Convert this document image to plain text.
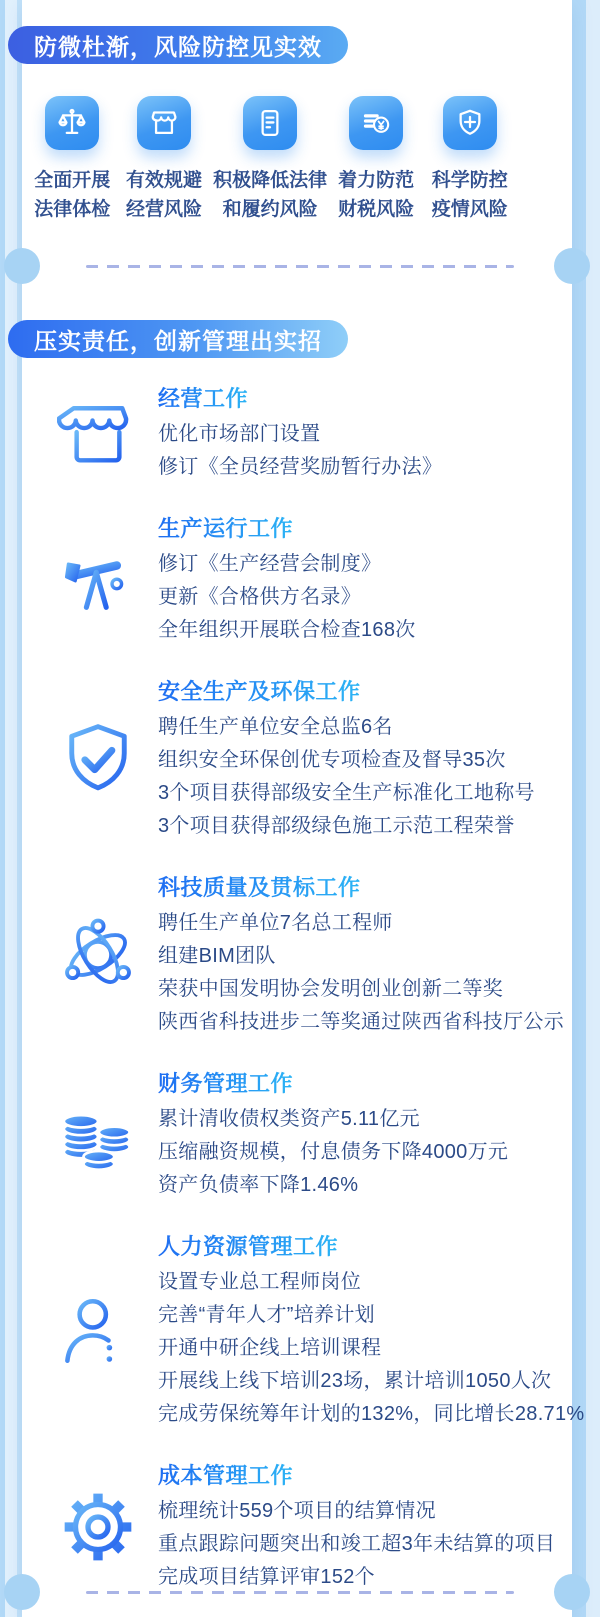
防微杜渐，风险防控见实效
全面开展
法律体检
有效规避
经营风险
积极降低法律
和履约风险
着力防范
财税风险
科学防控
疫情风险
压实责任，创新管理出实招
经营工作
优化市场部门设置
修订《全员经营奖励暂行办法》
生产运行工作
修订《生产经营会制度》
更新《合格供方名录》
全年组织开展联合检查168次
安全生产及环保工作
聘任生产单位安全总监6名
组织安全环保创优专项检查及督导35次
3个项目获得部级安全生产标准化工地称号
3个项目获得部级绿色施工示范工程荣誉
科技质量及贯标工作
聘任生产单位7名总工程师
组建BIM团队
荣获中国发明协会发明创业创新二等奖
陕西省科技进步二等奖通过陕西省科技厅公示
财务管理工作
累计清收债权类资产5.11亿元
压缩融资规模，付息债务下降4000万元
资产负债率下降1.46%
人力资源管理工作
设置专业总工程师岗位
完善“青年人才”培养计划
开通中研企线上培训课程
开展线上线下培训23场，累计培训1050人次
完成劳保统筹年计划的132%，同比增长28.71%
成本管理工作
梳理统计559个项目的结算情况
重点跟踪问题突出和竣工超3年未结算的项目
完成项目结算评审152个
